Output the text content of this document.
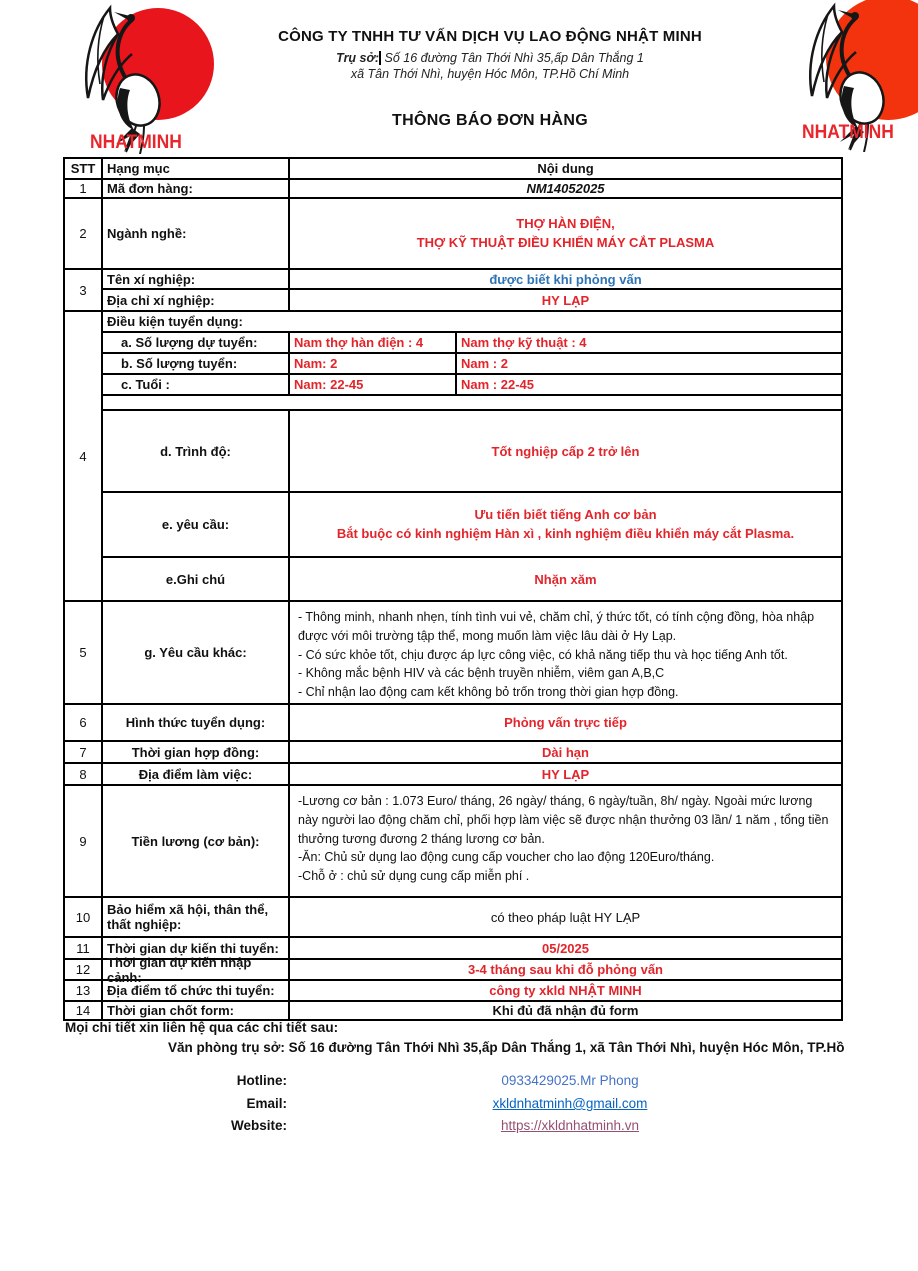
NHATMINH	NHATMINH
CÔNG TY TNHH TƯ VẤN DỊCH VỤ LAO ĐỘNG NHẬT MINH
Trụ sở: Số 16 đường Tân Thới Nhì 35,ấp Dân Thắng 1
xã Tân Thới Nhì, huyện Hóc Môn, TP.Hồ Chí Minh
THÔNG BÁO ĐƠN HÀNG
STT Hạng mục	Nội dung
1	Mã đơn hàng:	NM14052025
2	Ngành nghề:
THỢ HÀN ĐIỆN,
THỢ KỸ THUẬT ĐIỀU KHIỂN MÁY CẮT PLASMA
3
Tên xí nghiệp:	được biết khi phỏng vấn
Địa chỉ xí nghiệp:	HY LẠP
4
Điều kiện tuyển dụng:
a. Số lượng dự tuyển:	Nam thợ hàn điện : 4	Nam thợ kỹ thuật : 4
b. Số lượng tuyển:	Nam: 2	Nam : 2
c. Tuổi :	Nam: 22-45	Nam : 22-45
d. Trình độ:	Tốt nghiệp cấp 2 trở lên
e. yêu cầu:
Ưu tiến biết tiếng Anh cơ bản
Bắt buộc có kinh nghiệm Hàn xì , kinh nghiệm điều khiển máy cắt Plasma.
e.Ghi chú	Nhặn xăm
5	g. Yêu cầu khác:
- Thông minh, nhanh nhẹn, tính tình vui vẻ, chăm chỉ, ý thức tốt, có tính cộng đồng, hòa nhập được với môi trường tập thể, mong muốn làm việc lâu dài ở Hy Lạp.
- Có sức khỏe tốt, chịu được áp lực công việc, có khả năng tiếp thu và học tiếng Anh tốt.
- Không mắc bệnh HIV và các bệnh truyền nhiễm, viêm gan A,B,C
- Chỉ nhận lao động cam kết không bỏ trốn trong thời gian hợp đồng.
6	Hình thức tuyển dụng:	Phỏng vấn trực tiếp
7	Thời gian hợp đồng:	Dài hạn
8	Địa điểm làm việc:	HY LẠP
9	Tiền lương (cơ bản):
-Lương cơ bản : 1.073 Euro/ tháng, 26 ngày/ tháng, 6 ngày/tuần, 8h/ ngày. Ngoài mức lương này người lao động chăm chỉ, phối hợp làm việc sẽ được nhận thưởng 03 lần/ 1 năm , tổng tiền thưởng tương đương 2 tháng lương cơ bản.
-Ăn: Chủ sử dụng lao động cung cấp voucher cho lao động 120Euro/tháng.
-Chỗ ở : chủ sử dụng cung cấp miễn phí .
10	Bảo hiểm xã hội, thân thể, thất nghiệp:	có theo pháp luật HY LẠP
11	Thời gian dự kiến thi tuyển:	05/2025
12	Thời gian dự kiến nhập cảnh:	3-4 tháng sau khi đỗ phỏng vấn
13	Địa điểm tổ chức thi tuyển:	công ty xkld NHẬT MINH
14	Thời gian chốt form:	Khi đủ đã nhận đủ form
Mọi chi tiết xin liên hệ qua các chi tiết sau:
Văn phòng trụ sở: Số 16 đường Tân Thới Nhì 35,ấp Dân Thắng 1, xã Tân Thới Nhì, huyện Hóc Môn, TP.Hồ
Hotline:	0933429025.Mr Phong
Email:	xkldnhatminh@gmail.com
Website:	https://xkldnhatminh.vn
